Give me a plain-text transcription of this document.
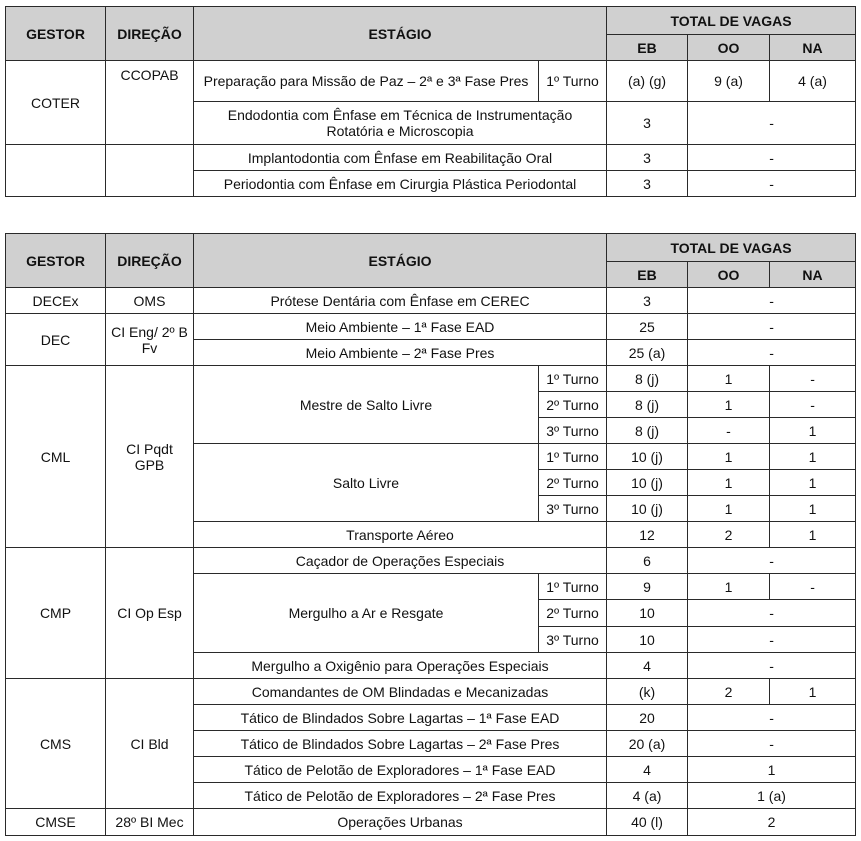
GESTOR	DIREÇÃO	ESTÁGIO		TOTAL DE VAGAS		
				EB	OO	NA
COTER	CCOPAB	Preparação para Missão de Paz – 2ª e 3ª Fase Pres	1º Turno	(a) (g)	9 (a)	4 (a)
		Endodontia com Ênfase em Técnica de Instrumentação Rotatória e Microscopia		3	-	
		Implantodontia com Ênfase em Reabilitação Oral		3	-	
		Periodontia com Ênfase em Cirurgia Plástica Periodontal		3	-	
GESTOR	DIREÇÃO	ESTÁGIO		TOTAL DE VAGAS		
				EB	OO	NA
DECEx	OMS	Prótese Dentária com Ênfase em CEREC		3	-	
DEC	CI Eng/ 2º B Fv	Meio Ambiente – 1ª Fase EAD		25	-	
		Meio Ambiente – 2ª Fase Pres		25 (a)	-	
CML	CI Pqdt GPB	Mestre de Salto Livre	1º Turno	8 (j)	1	-
			2º Turno	8 (j)	1	-
			3º Turno	8 (j)	-	1
		Salto Livre	1º Turno	10 (j)	1	1
			2º Turno	10 (j)	1	1
			3º Turno	10 (j)	1	1
		Transporte Aéreo		12	2	1
CMP	CI Op Esp	Caçador de Operações Especiais		6	-	
		Mergulho a Ar e Resgate	1º Turno	9	1	-
			2º Turno	10	-	
			3º Turno	10	-	
		Mergulho a Oxigênio para Operações Especiais		4	-	
CMS	CI Bld	Comandantes de OM Blindadas e Mecanizadas		(k)	2	1
		Tático de Blindados Sobre Lagartas – 1ª Fase EAD		20	-	
		Tático de Blindados Sobre Lagartas – 2ª Fase Pres		20 (a)	-	
		Tático de Pelotão de Exploradores – 1ª Fase EAD		4	1	
		Tático de Pelotão de Exploradores – 2ª Fase Pres		4 (a)	1 (a)	
CMSE	28º BI Mec	Operações Urbanas		40 (l)	2	
